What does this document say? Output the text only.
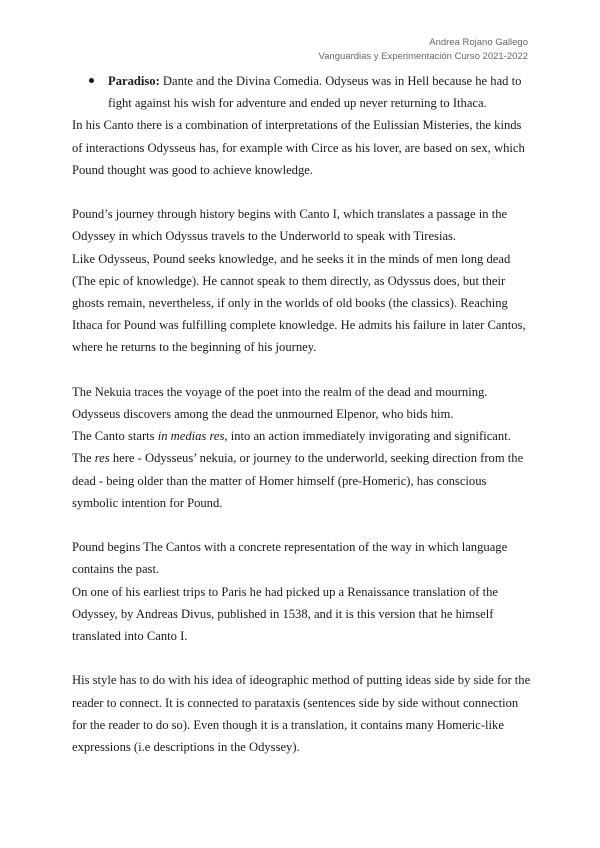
Andrea Rojano Gallego
Vanguardias y Experimentación Curso 2021-2022
Paradiso: Dante and the Divina Comedia. Odyseus was in Hell because he had to fight against his wish for adventure and ended up never returning to Ithaca.

In his Canto there is a combination of interpretations of the Eulissian Misteries, the kinds of interactions Odysseus has, for example with Circe as his lover, are based on sex, which Pound thought was good to achieve knowledge.

Pound’s journey through history begins with Canto I, which translates a passage in the Odyssey in which Odyssus travels to the Underworld to speak with Tiresias.

Like Odysseus, Pound seeks knowledge, and he seeks it in the minds of men long dead (The epic of knowledge). He cannot speak to them directly, as Odyssus does, but their ghosts remain, nevertheless, if only in the worlds of old books (the classics). Reaching Ithaca for Pound was fulfilling complete knowledge. He admits his failure in later Cantos, where he returns to the beginning of his journey.

The Nekuia traces the voyage of the poet into the realm of the dead and mourning. Odysseus discovers among the dead the unmourned Elpenor, who bids him.

The Canto starts in medias res, into an action immediately invigorating and significant. The res here - Odysseus’ nekuia, or journey to the underworld, seeking direction from the dead - being older than the matter of Homer himself (pre-Homeric), has conscious symbolic intention for Pound.

Pound begins The Cantos with a concrete representation of the way in which language contains the past.

On one of his earliest trips to Paris he had picked up a Renaissance translation of the Odyssey, by Andreas Divus, published in 1538, and it is this version that he himself translated into Canto I.

His style has to do with his idea of ideographic method of putting ideas side by side for the reader to connect. It is connected to parataxis (sentences side by side without connection for the reader to do so). Even though it is a translation, it contains many Homeric-like expressions (i.e descriptions in the Odyssey).
